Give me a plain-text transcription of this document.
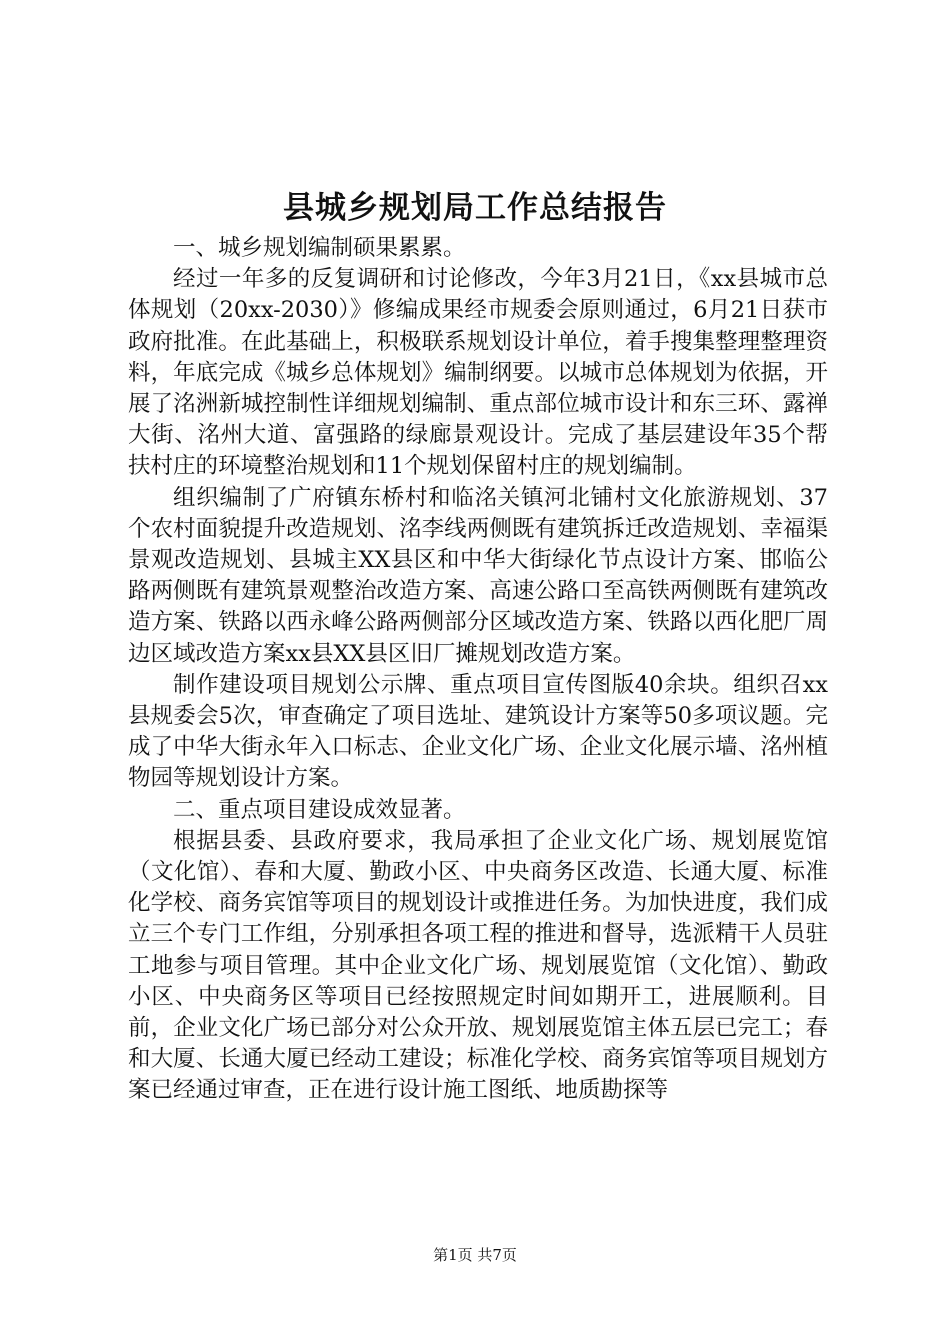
县城乡规划局工作总结报告

一、城乡规划编制硕果累累。

经过一年多的反复调研和讨论修改，今年3月21日，《xx县城市总体规划（20xx-2030）》修编成果经市规委会原则通过，6月21日获市政府批准。在此基础上，积极联系规划设计单位，着手搜集整理整理资料，年底完成《城乡总体规划》编制纲要。以城市总体规划为依据，开展了洺洲新城控制性详细规划编制、重点部位城市设计和东三环、露禅大街、洺州大道、富强路的绿廊景观设计。完成了基层建设年35个帮扶村庄的环境整治规划和11个规划保留村庄的规划编制。

组织编制了广府镇东桥村和临洺关镇河北铺村文化旅游规划、37个农村面貌提升改造规划、洺李线两侧既有建筑拆迁改造规划、幸福渠景观改造规划、县城主XX县区和中华大街绿化节点设计方案、邯临公路两侧既有建筑景观整治改造方案、高速公路口至高铁两侧既有建筑改造方案、铁路以西永峰公路两侧部分区域改造方案、铁路以西化肥厂周边区域改造方案xx县XX县区旧厂摊规划改造方案。

制作建设项目规划公示牌、重点项目宣传图版40余块。组织召xx县规委会5次，审查确定了项目选址、建筑设计方案等50多项议题。完成了中华大街永年入口标志、企业文化广场、企业文化展示墙、洺州植物园等规划设计方案。

二、重点项目建设成效显著。

根据县委、县政府要求，我局承担了企业文化广场、规划展览馆（文化馆）、春和大厦、勤政小区、中央商务区改造、长通大厦、标准化学校、商务宾馆等项目的规划设计或推进任务。为加快进度，我们成立三个专门工作组，分别承担各项工程的推进和督导，选派精干人员驻工地参与项目管理。其中企业文化广场、规划展览馆（文化馆）、勤政小区、中央商务区等项目已经按照规定时间如期开工，进展顺利。目前，企业文化广场已部分对公众开放、规划展览馆主体五层已完工；春和大厦、长通大厦已经动工建设；标准化学校、商务宾馆等项目规划方案已经通过审查，正在进行设计施工图纸、地质勘探等

第1页 共7页
